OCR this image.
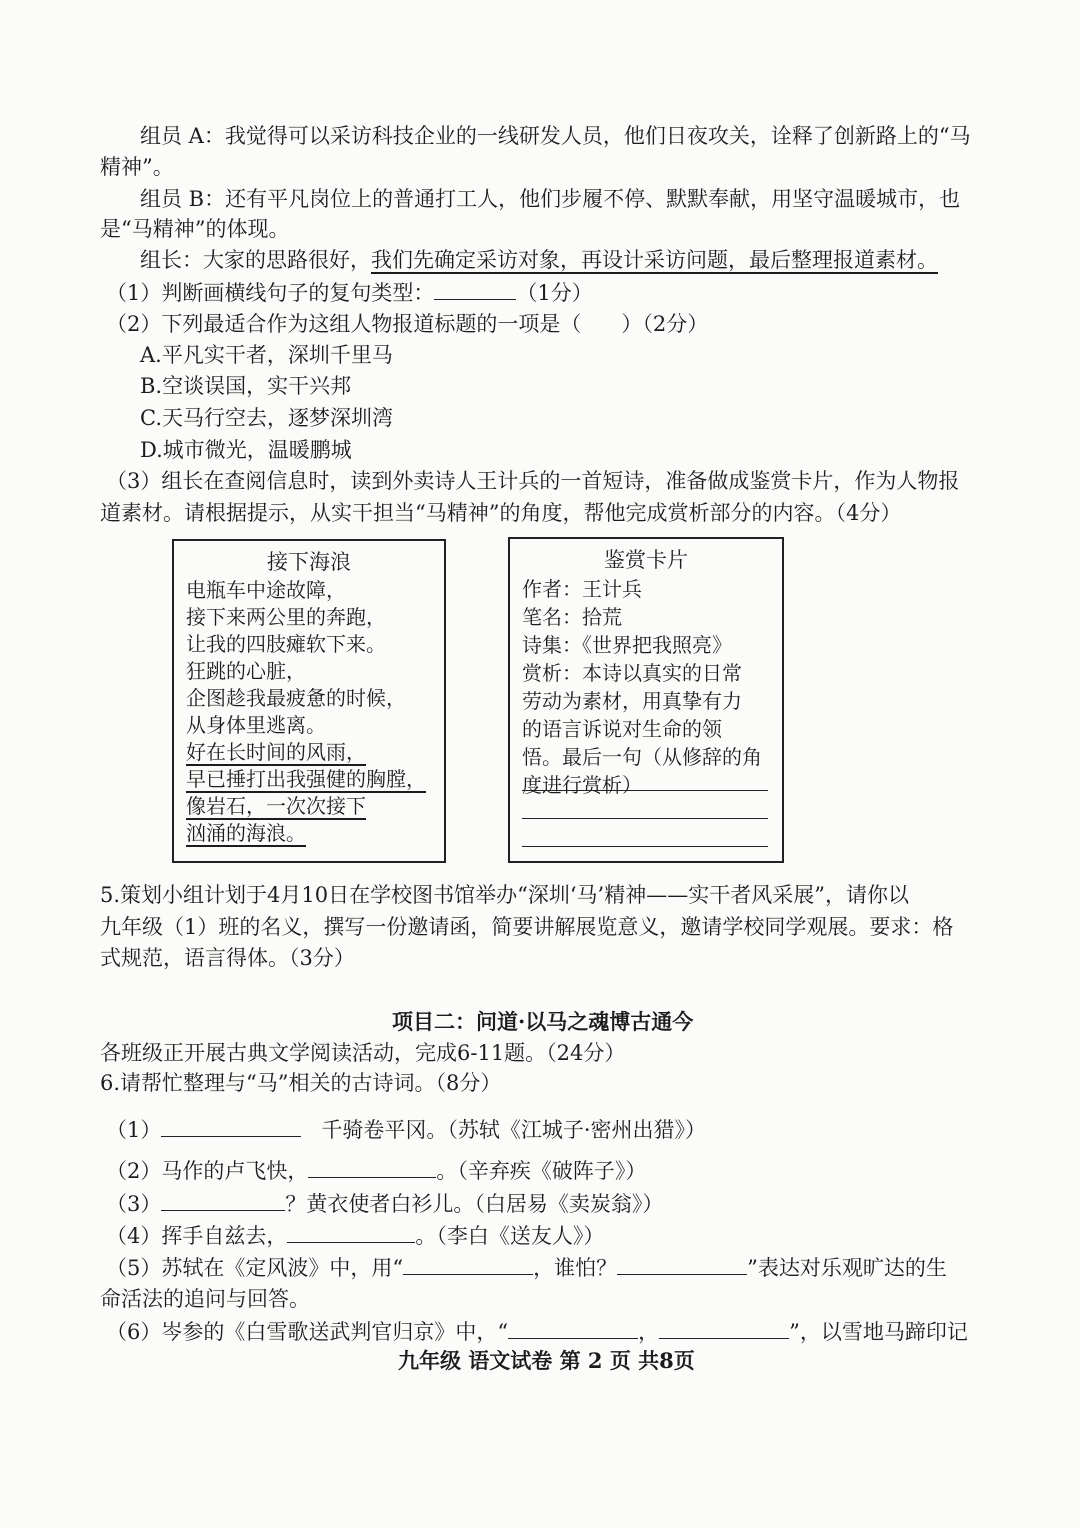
组员 A：我觉得可以采访科技企业的一线研发人员，他们日夜攻关，诠释了创新路上的“马
精神”。
组员 B：还有平凡岗位上的普通打工人，他们步履不停、默默奉献，用坚守温暖城市，也
是“马精神”的体现。
组长：大家的思路很好，我们先确定采访对象，再设计采访问题，最后整理报道素材。
（1）判断画横线句子的复句类型：	（1分）
（2）下列最适合作为这组人物报道标题的一项是（ ）（2分）
A.平凡实干者，深圳千里马
B.空谈误国，实干兴邦
C.天马行空去，逐梦深圳湾
D.城市微光，温暖鹏城
（3）组长在查阅信息时，读到外卖诗人王计兵的一首短诗，准备做成鉴赏卡片，作为人物报
道素材。请根据提示，从实干担当“马精神”的角度，帮他完成赏析部分的内容。（4分）
接下海浪
电瓶车中途故障，
接下来两公里的奔跑，
让我的四肢瘫软下来。
狂跳的心脏，
企图趁我最疲惫的时候，
从身体里逃离。
好在长时间的风雨，
早已捶打出我强健的胸膛，
像岩石，一次次接下
汹涌的海浪。
鉴赏卡片
作者：王计兵
笔名：拾荒
诗集：《世界把我照亮》
赏析：本诗以真实的日常
劳动为素材，用真挚有力
的语言诉说对生命的领
悟。最后一句（从修辞的角
度进行赏析）
5.策划小组计划于4月10日在学校图书馆举办“深圳‘马’精神——实干者风采展”，请你以
九年级（1）班的名义，撰写一份邀请函，简要讲解展览意义，邀请学校同学观展。要求：格
式规范，语言得体。（3分）
项目二：问道·以马之魂博古通今
各班级正开展古典文学阅读活动，完成6-11题。（24分）
6.请帮忙整理与“马”相关的古诗词。（8分）
（1）	千骑卷平冈。（苏轼《江城子·密州出猎》）
（2）马作的卢飞快，	。（辛弃疾《破阵子》）
（3）	？黄衣使者白衫儿。（白居易《卖炭翁》）
（4）挥手自兹去，	。（李白《送友人》）
（5）苏轼在《定风波》中，用“	，谁怕？	”表达对乐观旷达的生
命活法的追问与回答。
（6）岑参的《白雪歌送武判官归京》中，“	，	”，以雪地马蹄印记
九年级 语文试卷 第 2 页 共8页
